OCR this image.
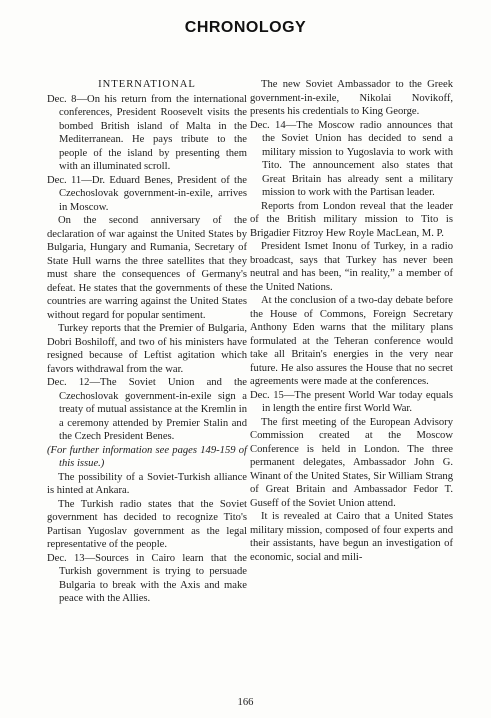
CHRONOLOGY
INTERNATIONAL

Dec. 8—On his return from the international conferences, President Roosevelt visits the bombed British island of Malta in the Mediterranean. He pays tribute to the people of the island by presenting them with an illuminated scroll.

Dec. 11—Dr. Eduard Benes, President of the Czechoslovak government-in-exile, arrives in Moscow.

On the second anniversary of the declaration of war against the United States by Bulgaria, Hungary and Rumania, Secretary of State Hull warns the three satellites that they must share the consequences of Germany's defeat. He states that the governments of these countries are warring against the United States without regard for popular sentiment.

Turkey reports that the Premier of Bulgaria, Dobri Boshiloff, and two of his ministers have resigned because of Leftist agitation which favors withdrawal from the war.

Dec. 12—The Soviet Union and the Czechoslovak government-in-exile sign a treaty of mutual assistance at the Kremlin in a ceremony attended by Premier Stalin and the Czech President Benes.

(For further information see pages 149-159 of this issue.)

The possibility of a Soviet-Turkish alliance is hinted at Ankara.

The Turkish radio states that the Soviet government has decided to recognize Tito's Partisan Yugoslav government as the legal representative of the people.

Dec. 13—Sources in Cairo learn that the Turkish government is trying to persuade Bulgaria to break with the Axis and make peace with the Allies.

The new Soviet Ambassador to the Greek government-in-exile, Nikolai Novikoff, presents his credentials to King George.

Dec. 14—The Moscow radio announces that the Soviet Union has decided to send a military mission to Yugoslavia to work with Tito. The announcement also states that Great Britain has already sent a military mission to work with the Partisan leader.

Reports from London reveal that the leader of the British military mission to Tito is Brigadier Fitzroy Hew Royle MacLean, M. P.

President Ismet Inonu of Turkey, in a radio broadcast, says that Turkey has never been neutral and has been, “in reality,” a member of the United Nations.

At the conclusion of a two-day debate before the House of Commons, Foreign Secretary Anthony Eden warns that the military plans formulated at the Teheran conference would take all Britain's energies in the very near future. He also assures the House that no secret agreements were made at the conferences.

Dec. 15—The present World War today equals in length the entire first World War.

The first meeting of the European Advisory Commission created at the Moscow Conference is held in London. The three permanent delegates, Ambassador John G. Winant of the United States, Sir William Strang of Great Britain and Ambassador Fedor T. Guseff of the Soviet Union attend.

It is revealed at Cairo that a United States military mission, composed of four experts and their assistants, have begun an investigation of economic, social and mili-

166
